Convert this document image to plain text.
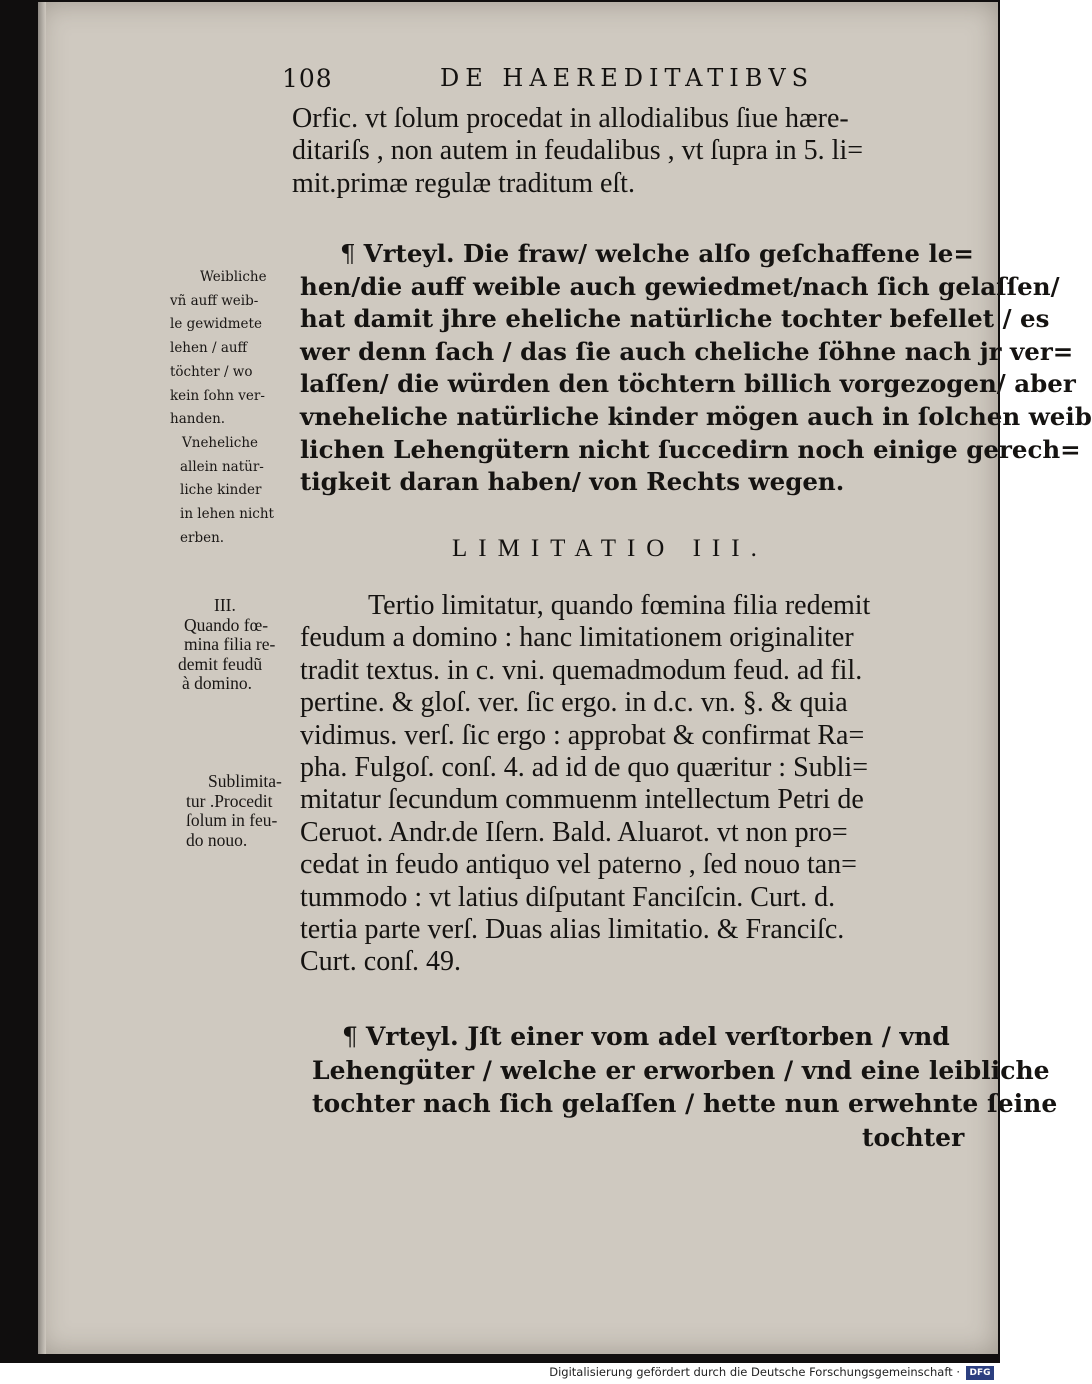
108	DE HAEREDITATIBVS
Orfic. vt ſolum procedat in allodialibus ſiue hære-
ditariſs , non autem in feudalibus , vt ſupra in 5. li=
mit.primæ regulæ traditum eſt.
¶ Vrteyl. Die fraw/ welche alſo geſchaffene le=
hen/die auff weible auch gewiedmet/nach ſich gelaſſen/
hat damit jhre eheliche natürliche tochter befellet / es
wer denn ſach / das ſie auch cheliche ſöhne nach jr ver=
laſſen/ die würden den töchtern billich vorgezogen/ aber
vneheliche natürliche kinder mögen auch in ſolchen weib
lichen Lehengütern nicht ſuccedirn noch einige gerech=
tigkeit daran haben/ von Rechts wegen.
Weibliche
vñ auff weib-
le gewidmete
lehen / auff
töchter / wo
kein ſohn ver-
handen.
Vneheliche
allein natür-
liche kinder
in lehen nicht
erben.	LIMITATIO III.
III.
Quando fœ-
mina filia re-
demit feudũ
à domino.
Tertio limitatur, quando fœmina filia redemit
feudum a domino : hanc limitationem originaliter
tradit textus. in c. vni. quemadmodum feud. ad fil.
pertine. & gloſ. ver. ſic ergo. in d.c. vn. §. & quia
vidimus. verſ. ſic ergo : approbat & confirmat Ra=
pha. Fulgoſ. conſ. 4. ad id de quo quæritur : Subli=
mitatur ſecundum commuenm intellectum Petri de
Ceruot. Andr.de Iſern. Bald. Aluarot. vt non pro=
cedat in feudo antiquo vel paterno , ſed nouo tan=
tummodo : vt latius diſputant Fanciſcin. Curt. d.
tertia parte verſ. Duas alias limitatio. & Franciſc.
Curt. conſ. 49.
Sublimita-
tur .Procedit
ſolum in feu-
do nouo.
¶ Vrteyl. Jſt einer vom adel verſtorben / vnd
Lehengüter / welche er erworben / vnd eine leibliche
tochter nach ſich gelaſſen / hette nun erwehnte ſeine
tochter
Digitalisierung gefördert durch die Deutsche Forschungsgemeinschaft ·	DFG
